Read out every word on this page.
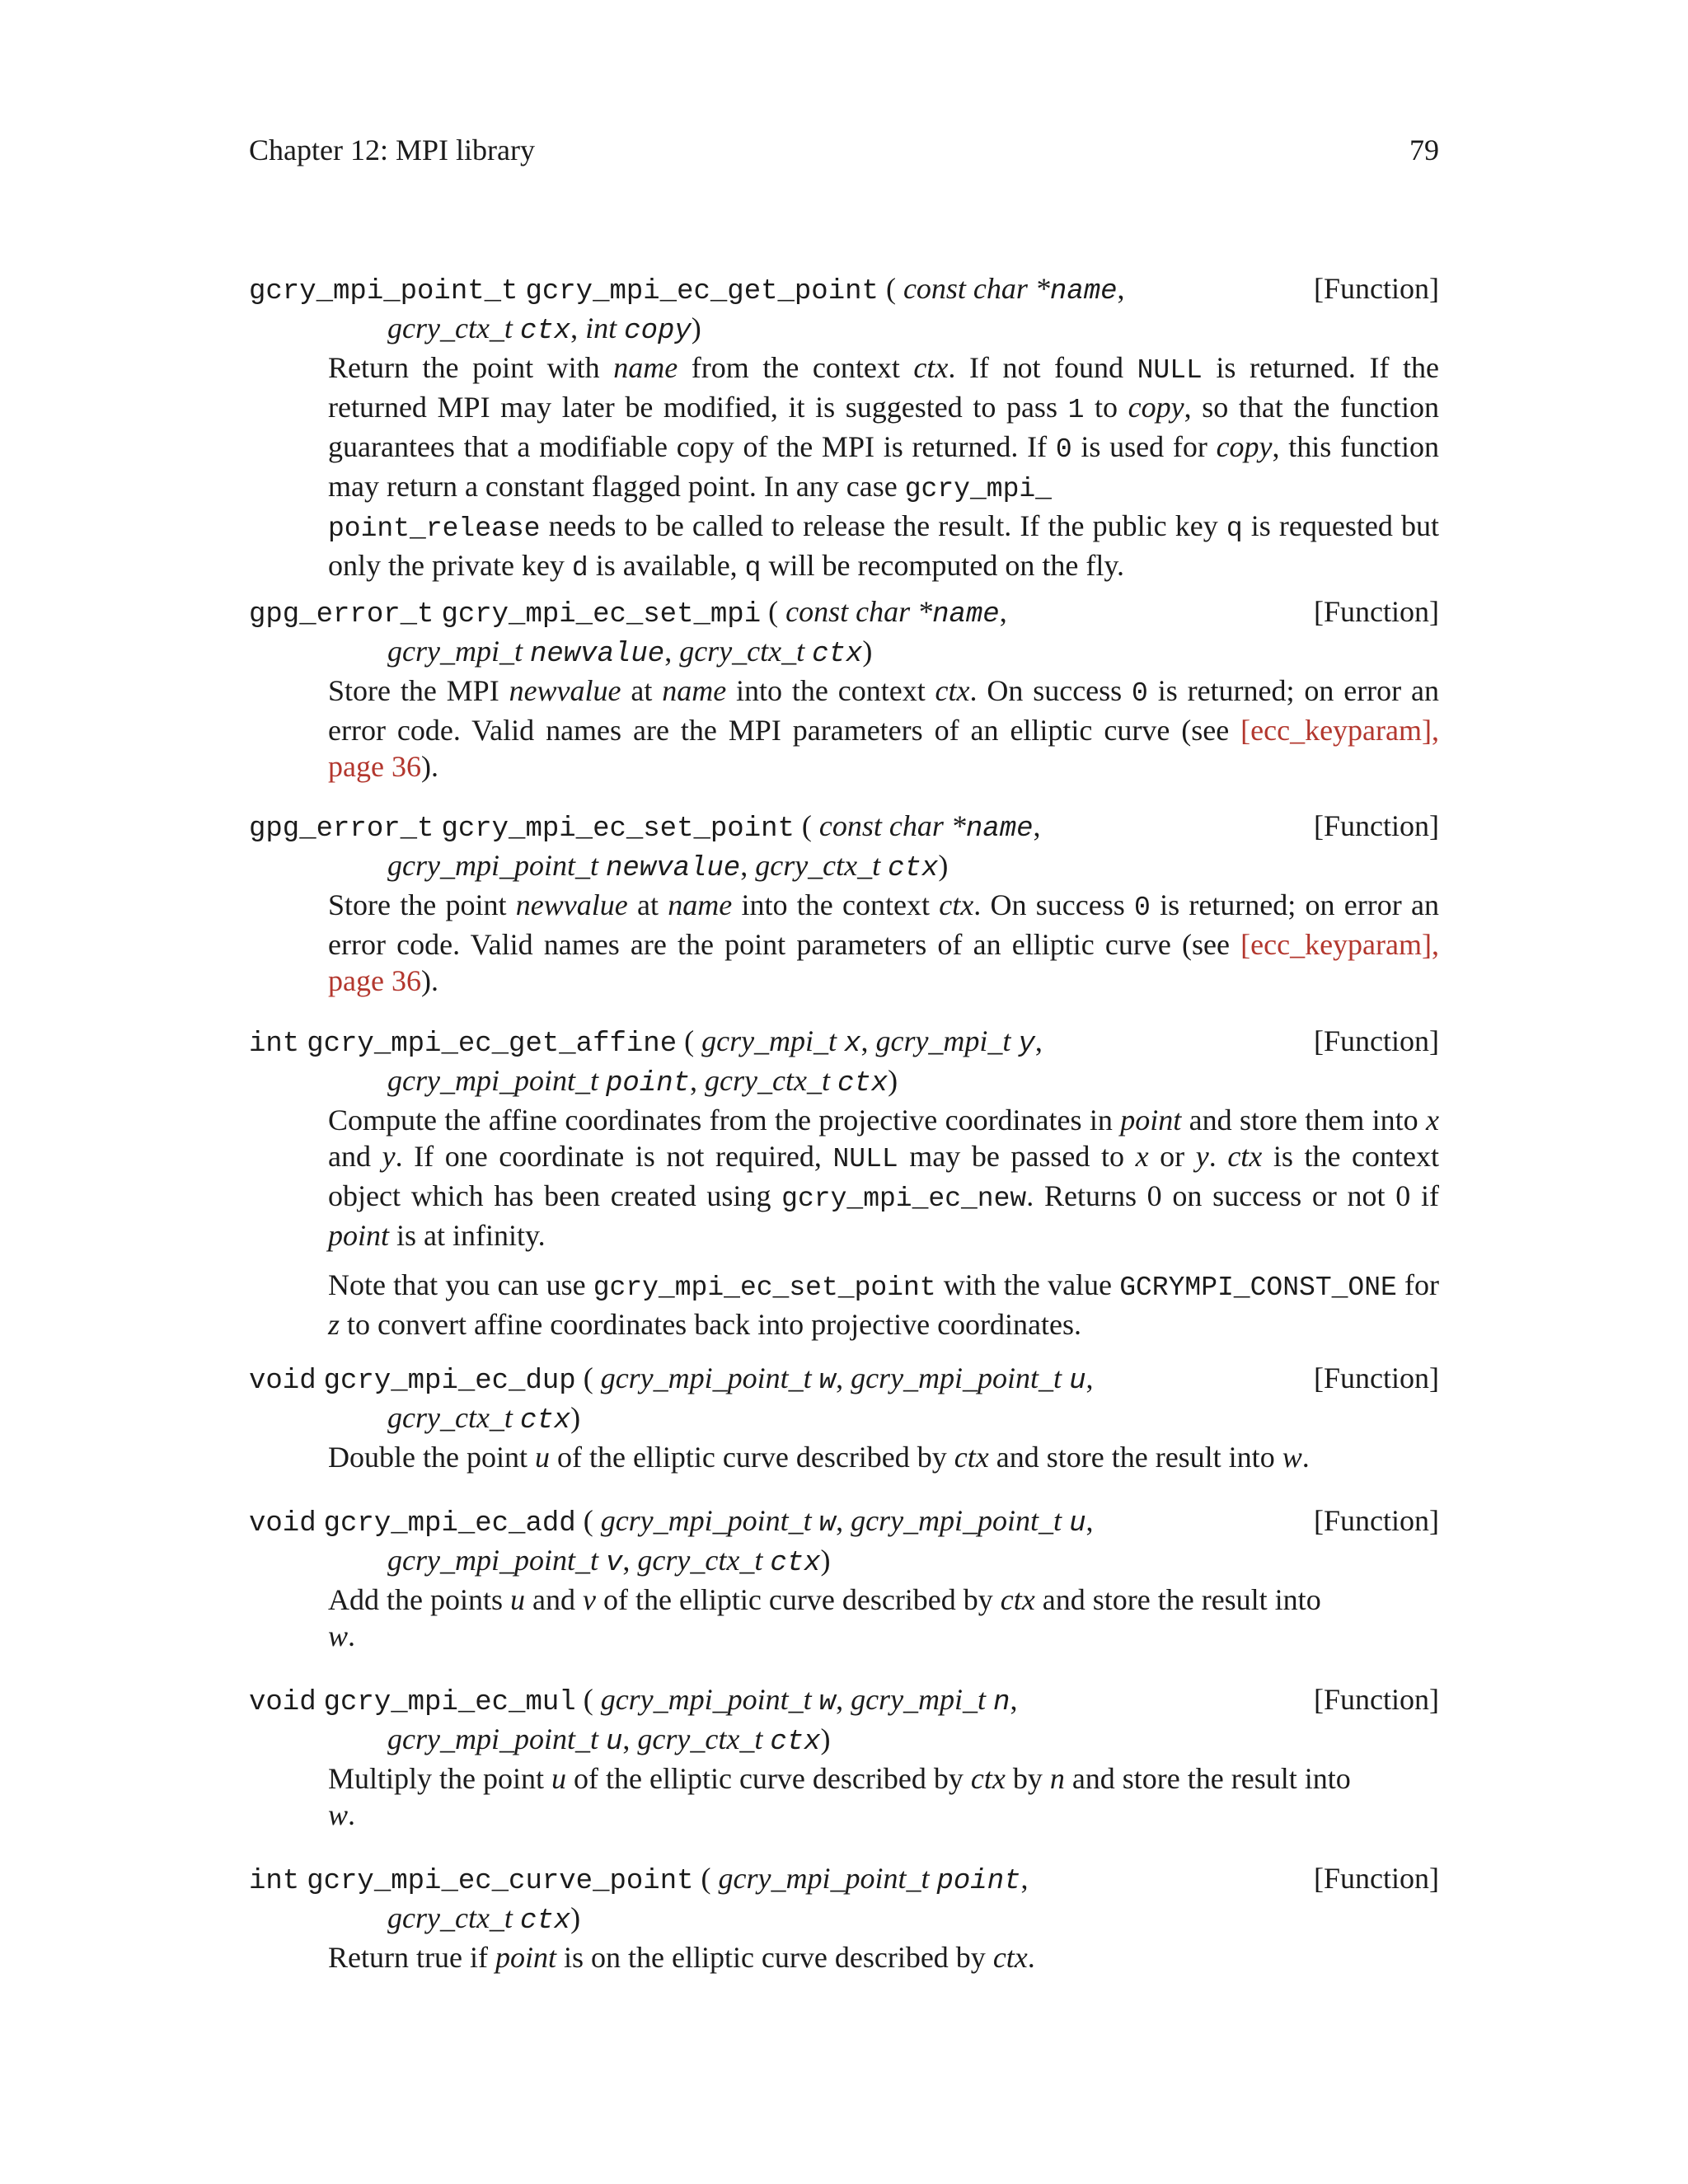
Chapter 12: MPI library	79
gcry_mpi_point_t gcry_mpi_ec_get_point ( const char *name,	[Function]
gcry_ctx_t ctx, int copy)
Return the point with name from the context ctx. If not found NULL is returned. If the returned MPI may later be modified, it is suggested to pass 1 to copy, so that the function guarantees that a modifiable copy of the MPI is returned. If 0 is used for copy, this function may return a constant flagged point. In any case gcry_mpi_
point_release needs to be called to release the result. If the public key q is requested but only the private key d is available, q will be recomputed on the fly.
gpg_error_t gcry_mpi_ec_set_mpi ( const char *name,	[Function]
gcry_mpi_t newvalue, gcry_ctx_t ctx)
Store the MPI newvalue at name into the context ctx. On success 0 is returned; on error an error code. Valid names are the MPI parameters of an elliptic curve (see [ecc_keyparam], page 36).
gpg_error_t gcry_mpi_ec_set_point ( const char *name,	[Function]
gcry_mpi_point_t newvalue, gcry_ctx_t ctx)
Store the point newvalue at name into the context ctx. On success 0 is returned; on error an error code. Valid names are the point parameters of an elliptic curve (see [ecc_keyparam], page 36).
int gcry_mpi_ec_get_affine ( gcry_mpi_t x, gcry_mpi_t y,	[Function]
gcry_mpi_point_t point, gcry_ctx_t ctx)

Compute the affine coordinates from the projective coordinates in point and store them into x and y. If one coordinate is not required, NULL may be passed to x or y. ctx is the context object which has been created using gcry_mpi_ec_new. Returns 0 on success or not 0 if point is at infinity.

Note that you can use gcry_mpi_ec_set_point with the value GCRYMPI_CONST_ONE for z to convert affine coordinates back into projective coordinates.

void gcry_mpi_ec_dup ( gcry_mpi_point_t w, gcry_mpi_point_t u,	[Function]
gcry_ctx_t ctx)
Double the point u of the elliptic curve described by ctx and store the result into w.
void gcry_mpi_ec_add ( gcry_mpi_point_t w, gcry_mpi_point_t u,	[Function]
gcry_mpi_point_t v, gcry_ctx_t ctx)
Add the points u and v of the elliptic curve described by ctx and store the result into
w.
void gcry_mpi_ec_mul ( gcry_mpi_point_t w, gcry_mpi_t n,	[Function]
gcry_mpi_point_t u, gcry_ctx_t ctx)
Multiply the point u of the elliptic curve described by ctx by n and store the result into
w.
int gcry_mpi_ec_curve_point ( gcry_mpi_point_t point,	[Function]
gcry_ctx_t ctx)
Return true if point is on the elliptic curve described by ctx.
